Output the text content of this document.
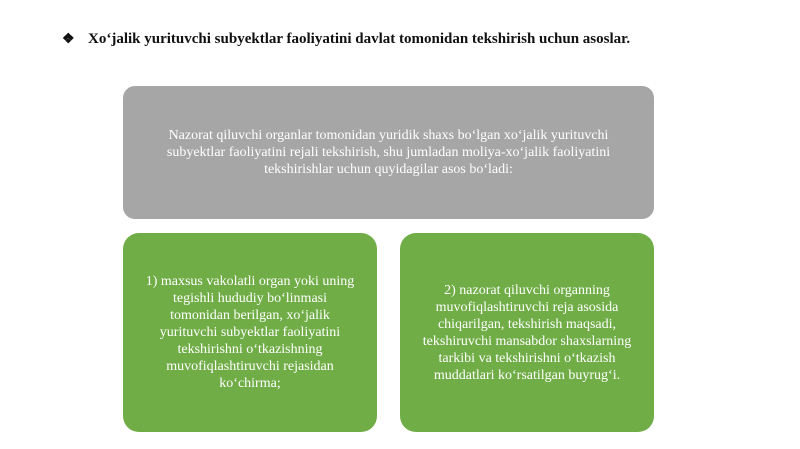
❖ Xo‘jalik yurituvchi subyektlar faoliyatini davlat tomonidan tekshirish uchun asoslar.
Nazorat qiluvchi organlar tomonidan yuridik shaxs bo‘lgan xo‘jalik yurituvchi subyektlar faoliyatini rejali tekshirish, shu jumladan moliya-xo‘jalik faoliyatini tekshirishlar uchun quyidagilar asos bo‘ladi:
1) maxsus vakolatli organ yoki uning tegishli hududiy bo‘linmasi tomonidan berilgan, xo‘jalik yurituvchi subyektlar faoliyatini tekshirishni o‘tkazishning muvofiqlashtiruvchi rejasidan ko‘chirma;
2) nazorat qiluvchi organning muvofiqlashtiruvchi reja asosida chiqarilgan, tekshirish maqsadi, tekshiruvchi mansabdor shaxslarning tarkibi va tekshirishni o‘tkazish muddatlari ko‘rsatilgan buyrug‘i.
